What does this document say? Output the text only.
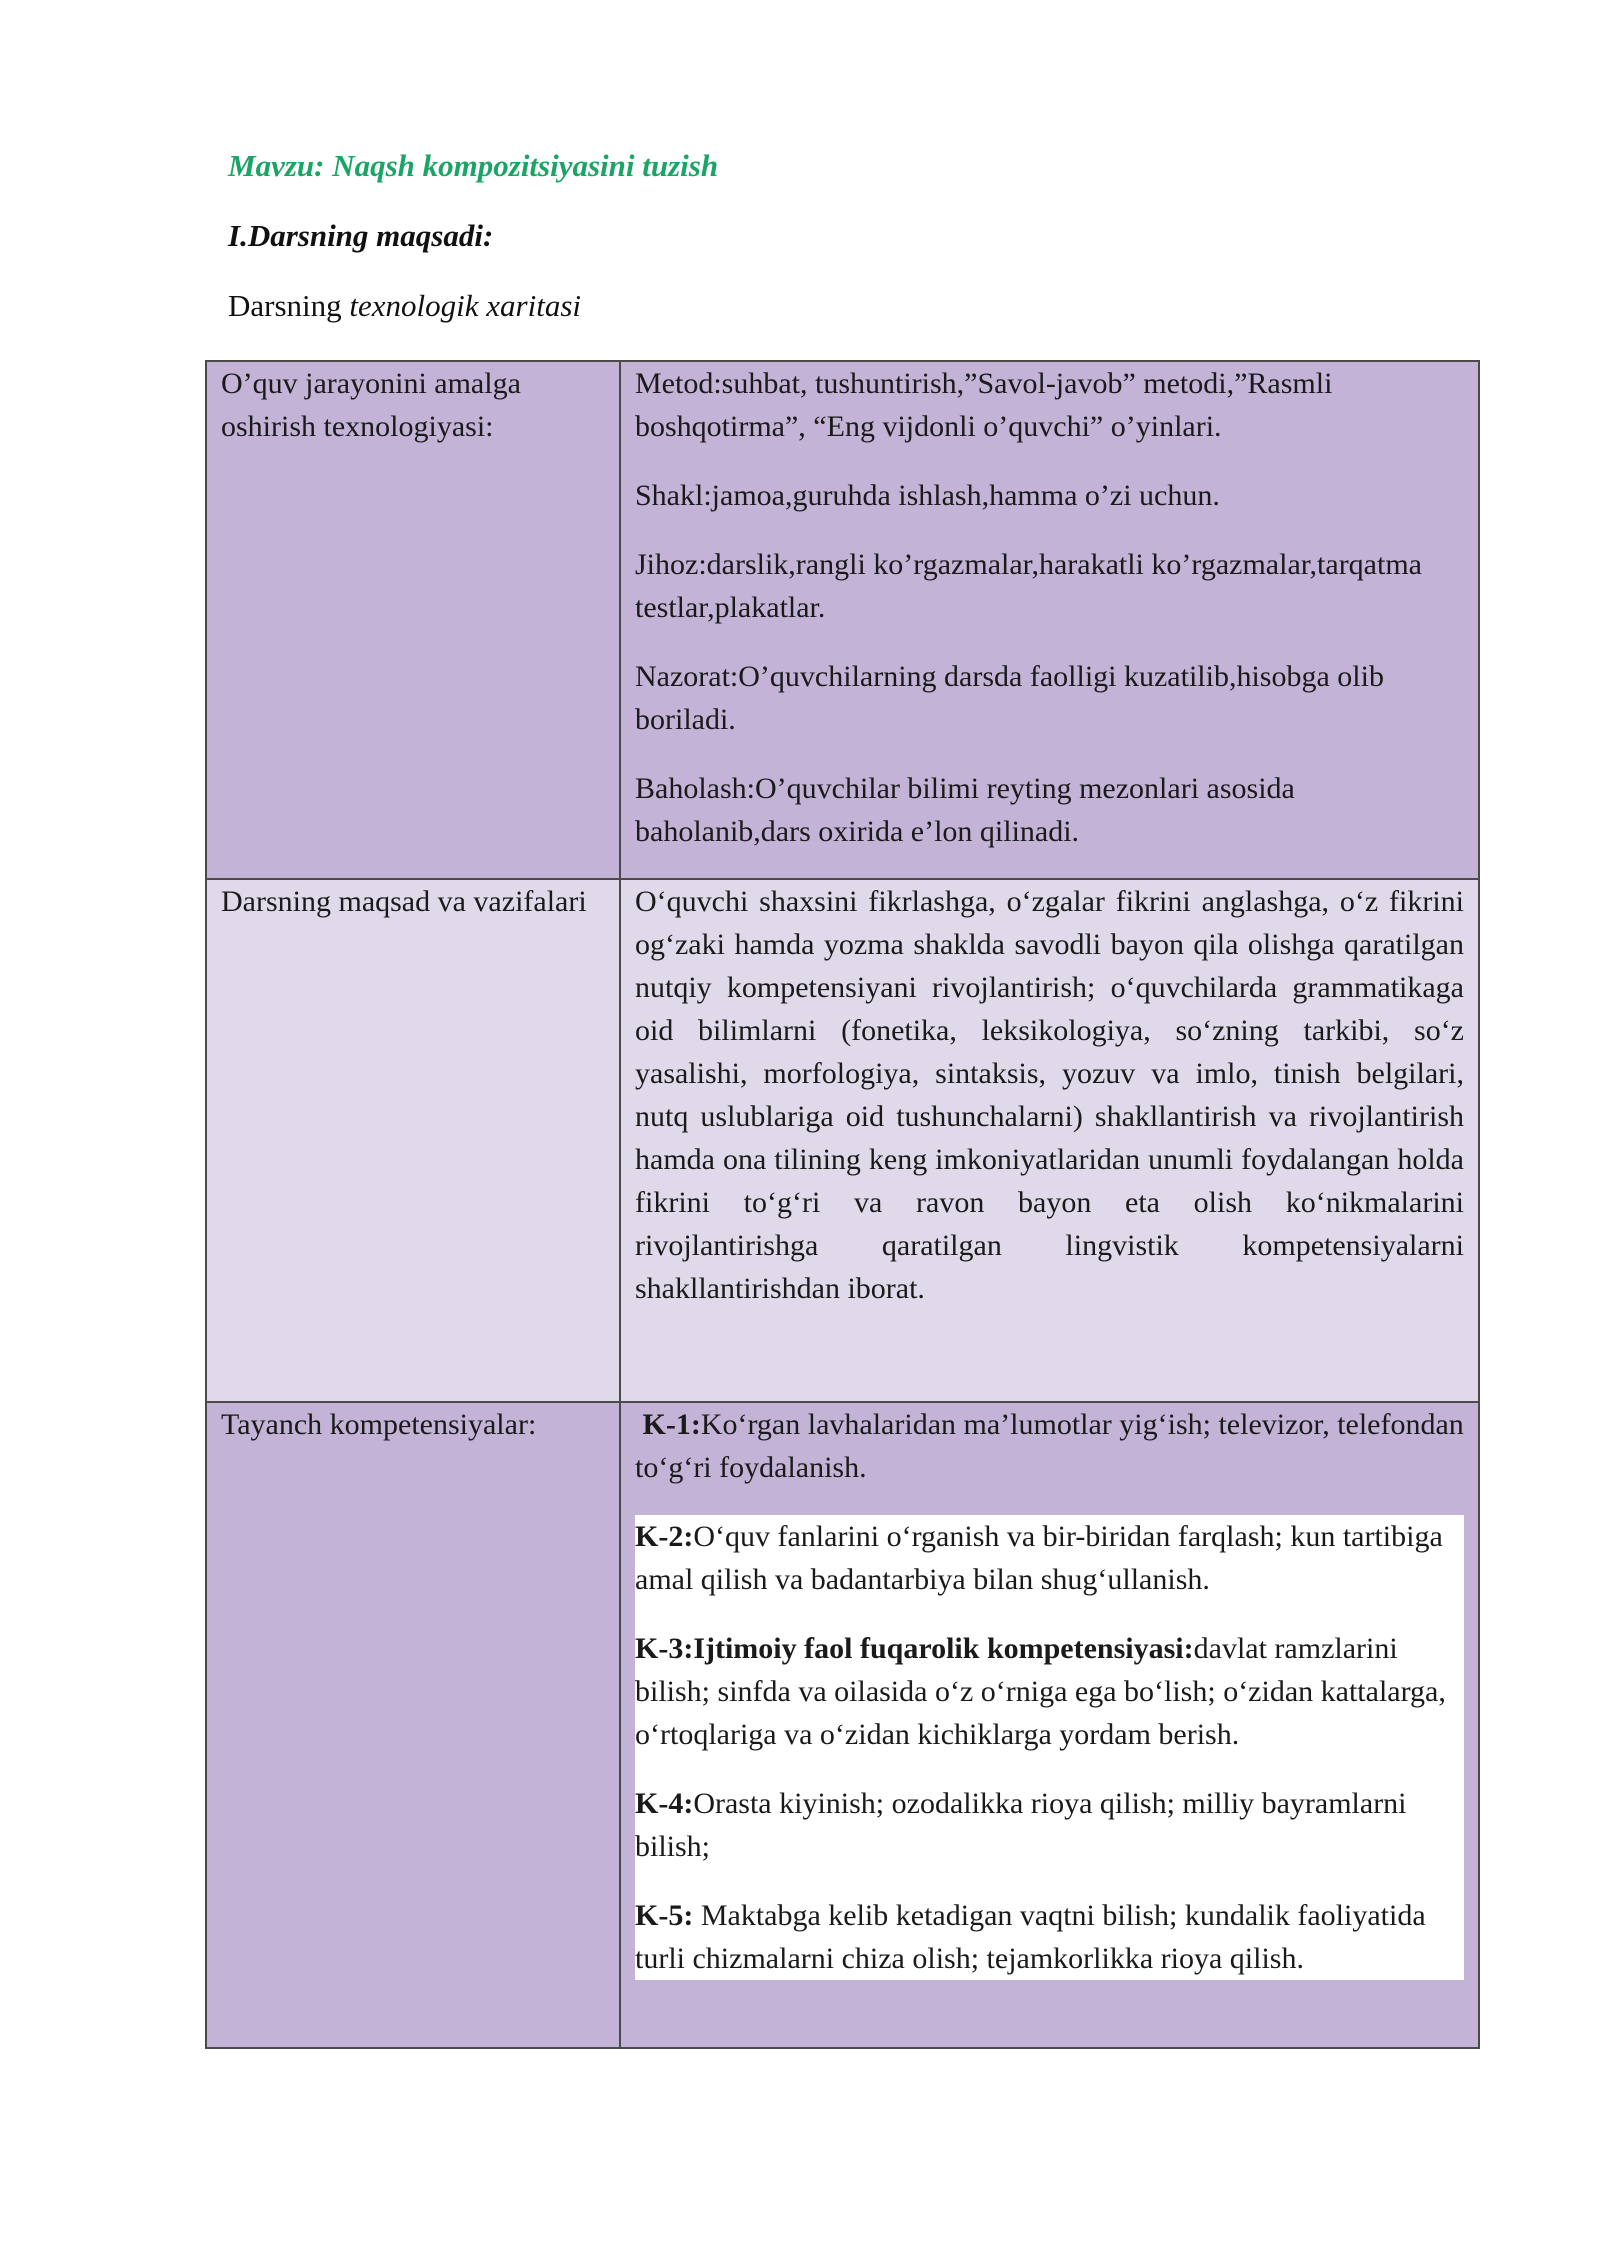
Mavzu: Naqsh kompozitsiyasini tuzish
I.Darsning maqsadi:
Darsning texnologik xaritasi
O’quv jarayonini amalga oshirish texnologiyasi:	Metod:suhbat, tushuntirish,”Savol-javob” metodi,”Rasmli boshqotirma”, “Eng vijdonli o’quvchi” o’yinlari.

Shakl:jamoa,guruhda ishlash,hamma o’zi uchun.

Jihoz:darslik,rangli ko’rgazmalar,harakatli ko’rgazmalar,tarqatma testlar,plakatlar.

Nazorat:O’quvchilarning darsda faolligi kuzatilib,hisobga olib boriladi.

Baholash:O’quvchilar bilimi reyting mezonlari asosida baholanib,dars oxirida e’lon qilinadi.

Darsning maqsad va vazifalari	O‘quvchi shaxsini fikrlashga, o‘zgalar fikrini anglashga, o‘z fikrini og‘zaki hamda yozma shaklda savodli bayon qila olishga qaratilgan nutqiy kompetensiyani rivojlantirish; o‘quvchilarda grammatikaga oid bilimlarni (fonetika, leksikologiya, so‘zning tarkibi, so‘z yasalishi, morfologiya, sintaksis, yozuv va imlo, tinish belgilari, nutq uslublariga oid tushunchalarni) shakllantirish va rivojlantirish hamda ona tilining keng imkoniyatlaridan unumli foydalangan holda fikrini to‘g‘ri va ravon bayon eta olish ko‘nikmalarini rivojlantirishga qaratilgan lingvistik kompetensiyalarni shakllantirishdan iborat.

Tayanch kompetensiyalar:	K-1:Ko‘rgan lavhalaridan ma’lumotlar yig‘ish; televizor, telefondan to‘g‘ri foydalanish.

K-2:O‘quv fanlarini o‘rganish va bir-biridan farqlash; kun tartibiga amal qilish va badantarbiya bilan shug‘ullanish.

K-3:Ijtimoiy faol fuqarolik kompetensiyasi:davlat ramzlarini bilish; sinfda va oilasida o‘z o‘rniga ega bo‘lish; o‘zidan kattalarga, o‘rtoqlariga va o‘zidan kichiklarga yordam berish.

K-4:Orasta kiyinish; ozodalikka rioya qilish; milliy bayramlarni bilish;

K-5: Maktabga kelib ketadigan vaqtni bilish; kundalik faoliyatida turli chizmalarni chiza olish; tejamkorlikka rioya qilish.
